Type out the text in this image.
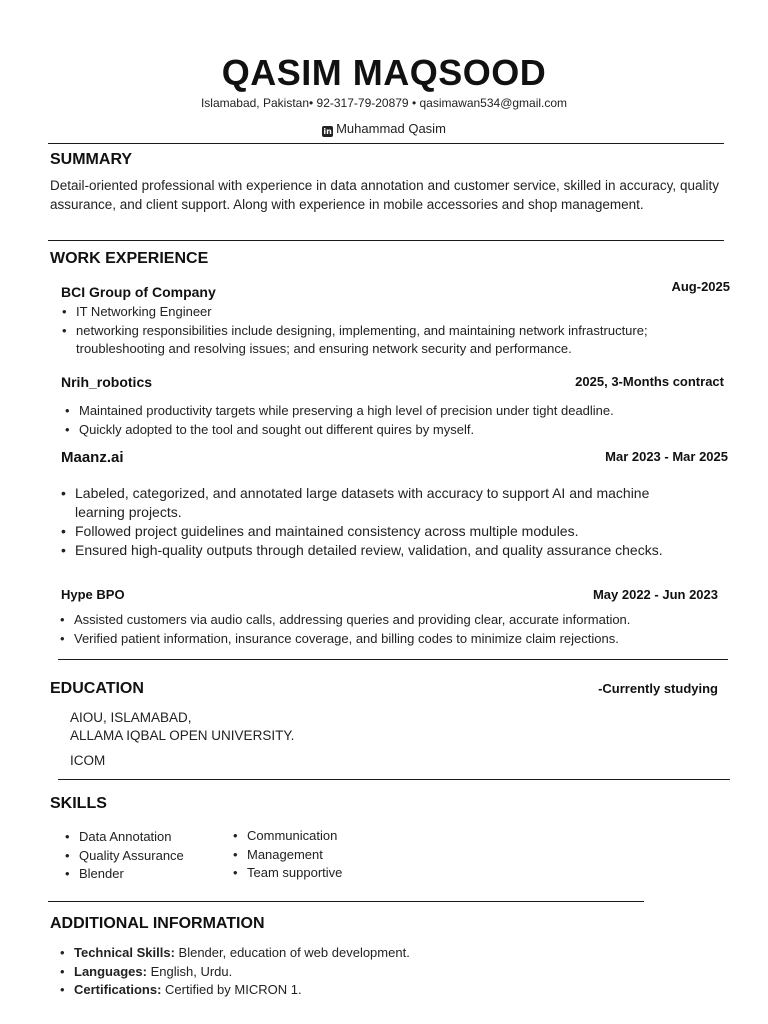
QASIM MAQSOOD
Islamabad, Pakistan• 92-317-79-20879 • qasimawan534@gmail.com
in Muhammad Qasim
SUMMARY
Detail-oriented professional with experience in data annotation and customer service, skilled in accuracy, quality assurance, and client support. Along with experience in mobile accessories and shop management.
WORK EXPERIENCE
BCI Group of Company	Aug-2025
• IT Networking Engineer
• networking responsibilities include designing, implementing, and maintaining network infrastructure; troubleshooting and resolving issues; and ensuring network security and performance.
Nrih_robotics	2025, 3-Months contract
• Maintained productivity targets while preserving a high level of precision under tight deadline.
• Quickly adopted to the tool and sought out different quires by myself.
Maanz.ai	Mar 2023 - Mar 2025
• Labeled, categorized, and annotated large datasets with accuracy to support AI and machine learning projects.
• Followed project guidelines and maintained consistency across multiple modules.
• Ensured high-quality outputs through detailed review, validation, and quality assurance checks.
Hype BPO	May 2022 - Jun 2023
• Assisted customers via audio calls, addressing queries and providing clear, accurate information.
• Verified patient information, insurance coverage, and billing codes to minimize claim rejections.
EDUCATION	-Currently studying
AIOU, ISLAMABAD,
ALLAMA IQBAL OPEN UNIVERSITY.
ICOM
SKILLS
• Data Annotation
• Quality Assurance
• Blender
• Communication
• Management
• Team supportive
ADDITIONAL INFORMATION
• Technical Skills: Blender, education of web development.
• Languages: English, Urdu.
• Certifications: Certified by MICRON 1.
